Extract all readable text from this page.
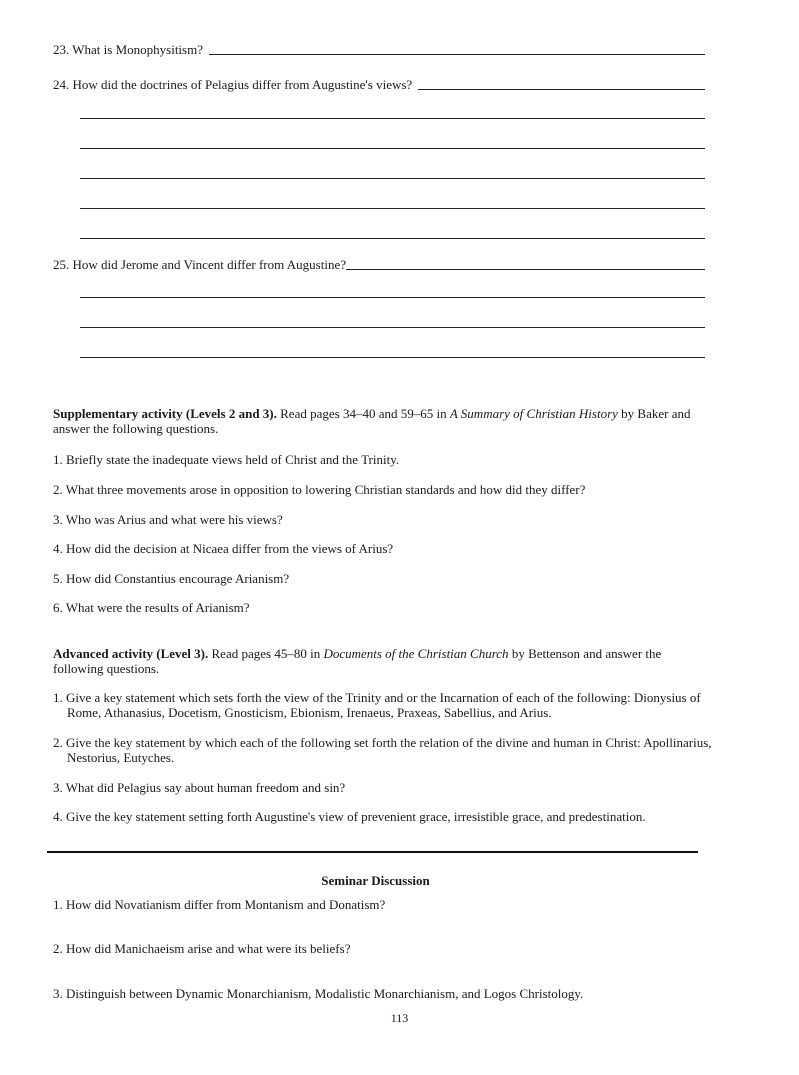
23. What is Monophysitism?
24. How did the doctrines of Pelagius differ from Augustine's views?
25. How did Jerome and Vincent differ from Augustine?
Supplementary activity (Levels 2 and 3). Read pages 34–40 and 59–65 in A Summary of Christian History by Baker and answer the following questions.
1. Briefly state the inadequate views held of Christ and the Trinity.
2. What three movements arose in opposition to lowering Christian standards and how did they differ?
3. Who was Arius and what were his views?
4. How did the decision at Nicaea differ from the views of Arius?
5. How did Constantius encourage Arianism?
6. What were the results of Arianism?
Advanced activity (Level 3). Read pages 45–80 in Documents of the Christian Church by Bettenson and answer the following questions.
1. Give a key statement which sets forth the view of the Trinity and or the Incarnation of each of the following: Dionysius of Rome, Athanasius, Docetism, Gnosticism, Ebionism, Irenaeus, Praxeas, Sabellius, and Arius.
2. Give the key statement by which each of the following set forth the relation of the divine and human in Christ: Apollinarius, Nestorius, Eutyches.
3. What did Pelagius say about human freedom and sin?
4. Give the key statement setting forth Augustine's view of prevenient grace, irresistible grace, and predestination.
Seminar Discussion
1. How did Novatianism differ from Montanism and Donatism?
2. How did Manichaeism arise and what were its beliefs?
3. Distinguish between Dynamic Monarchianism, Modalistic Monarchianism, and Logos Christology.
113
